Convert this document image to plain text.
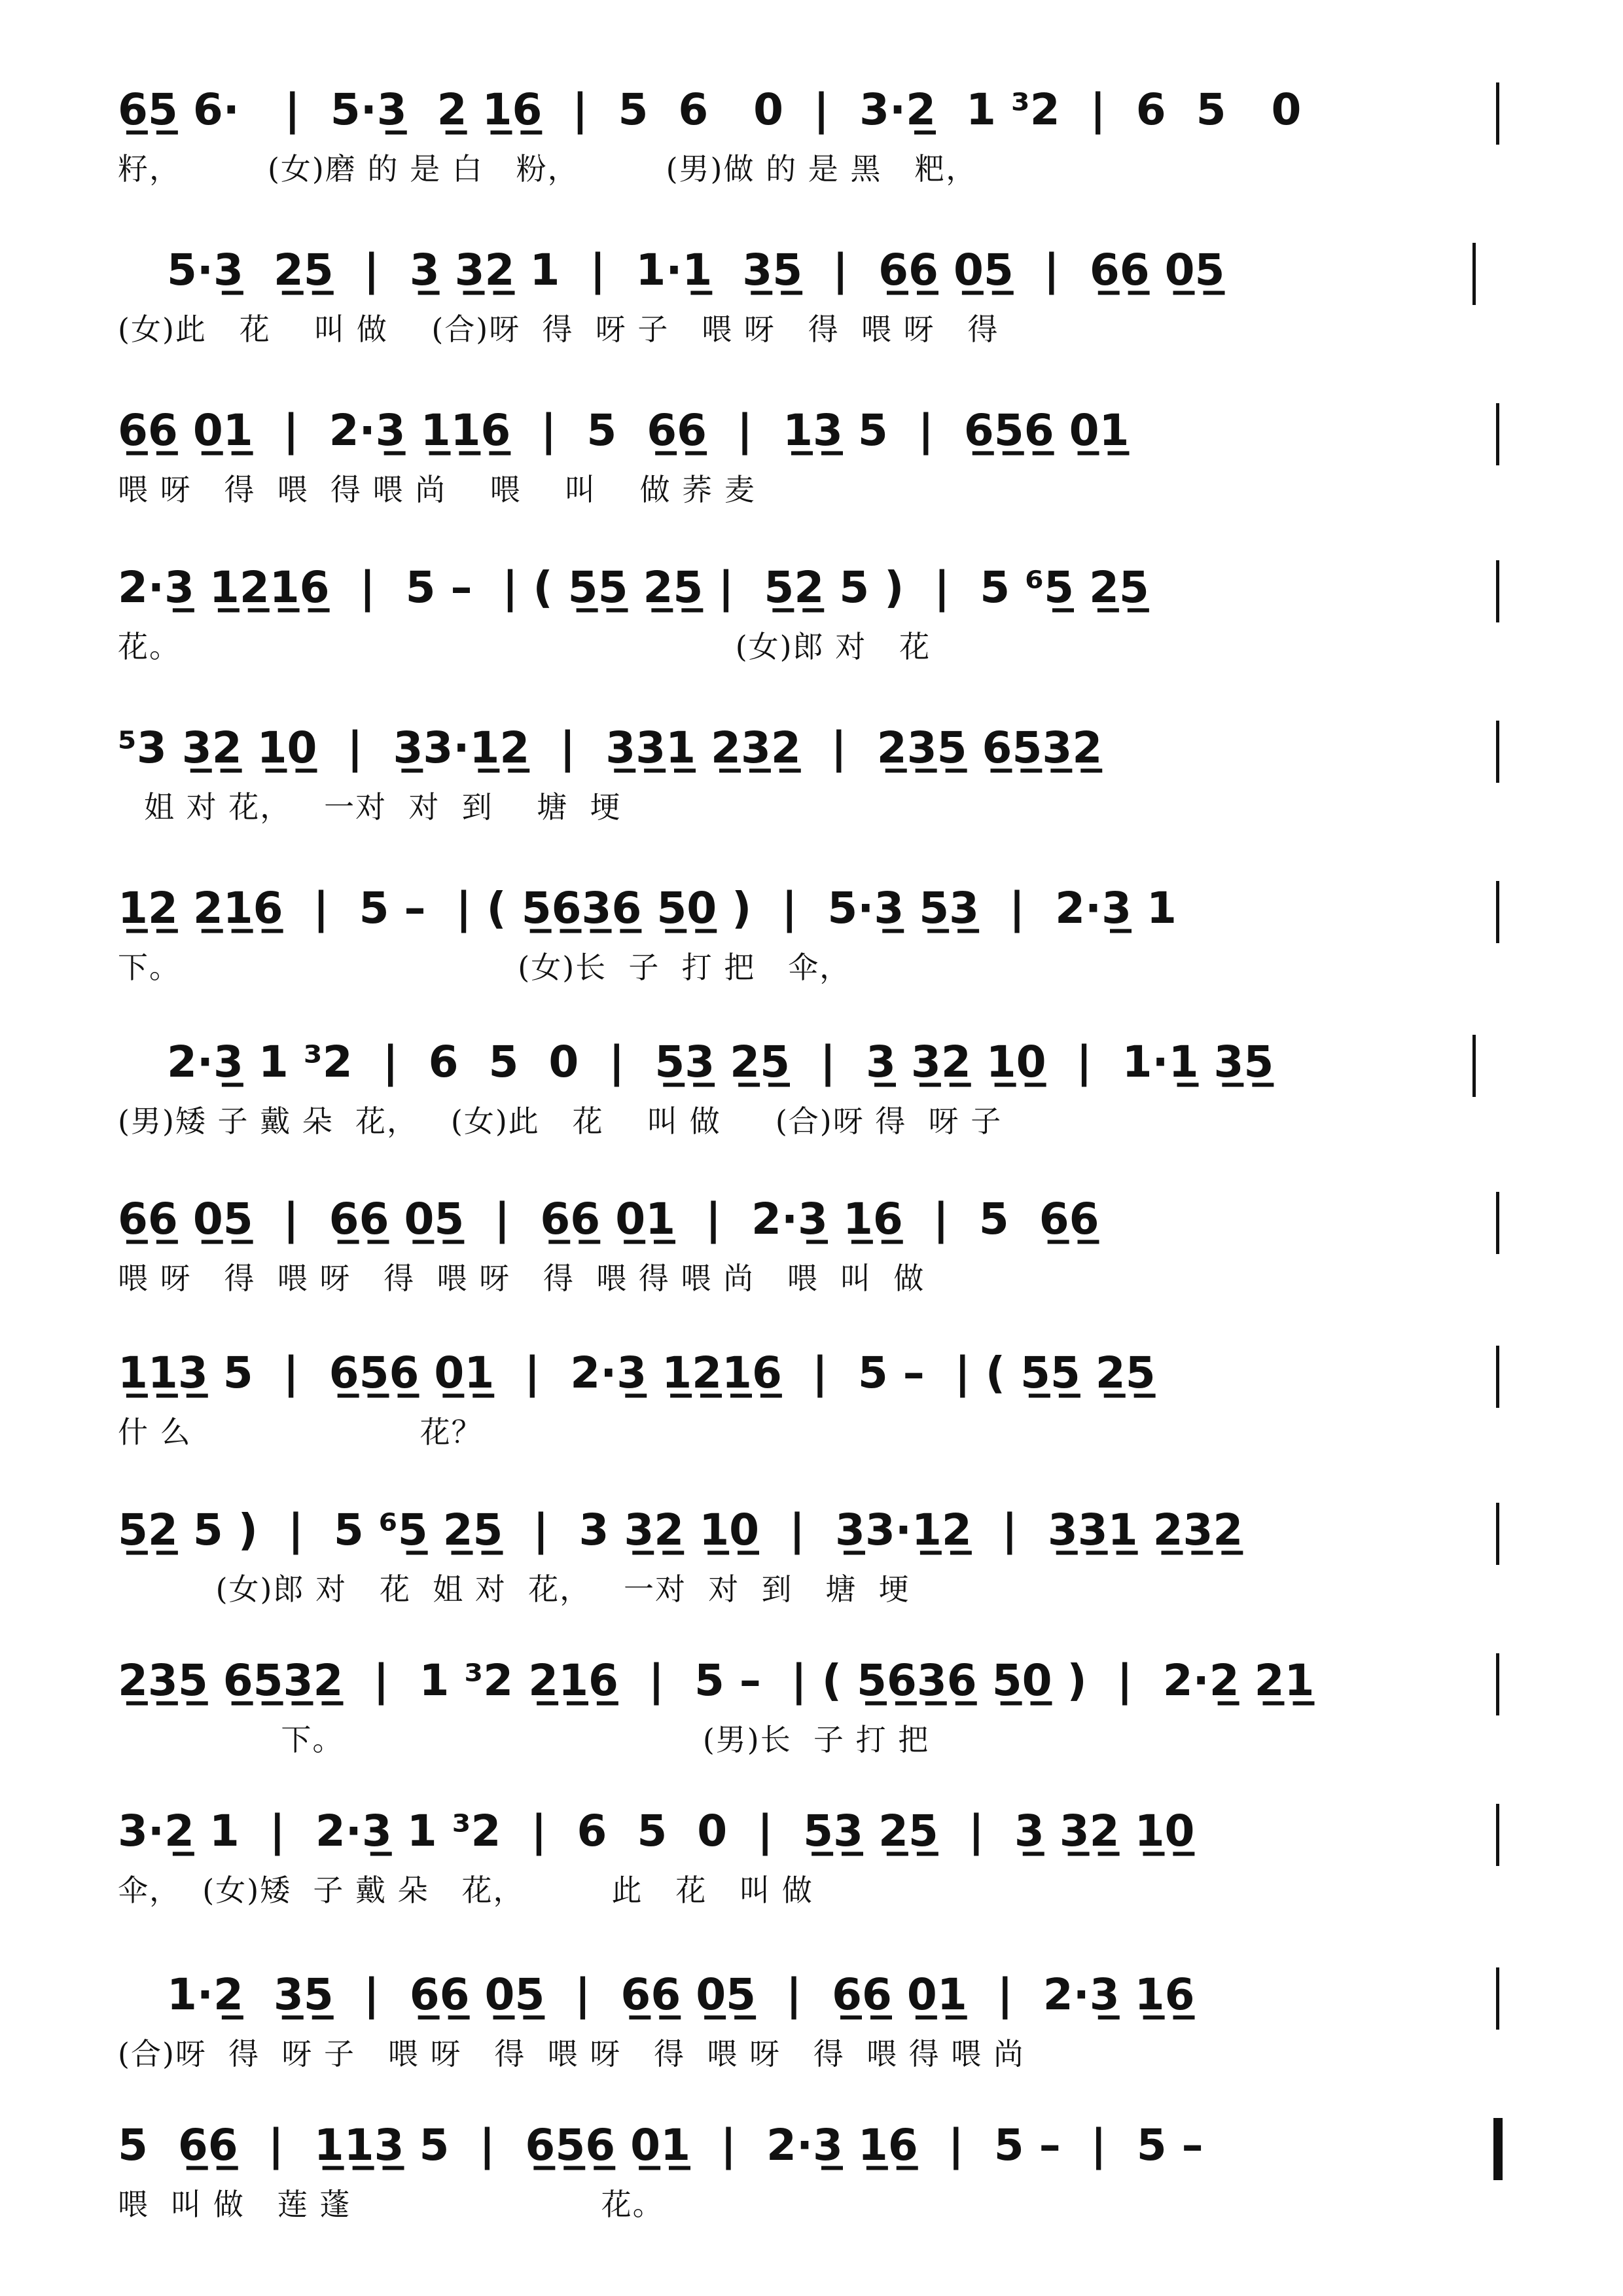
6̲5̲ 6·   |  5·3̲  2̲ 1̲6̲  |  5  6   0  |  3·2̲  1 ³2  |  6  5   0
籽，        (女)磨 的 是 白   粉，        (男)做 的 是 黑   粑，
5·3̲  2̲5̲  |  3̲ 3̲2̲ 1  |  1·1̲  3̲5̲  |  6̲6̲ 0̲5̲  |  6̲6̲ 0̲5̲
(女)此   花    叫 做    (合)呀  得  呀 子   喂 呀   得  喂 呀   得
6̲6̲ 0̲1̲  |  2·3̲ 1̲1̲6̲  |  5  6̲6̲  |  1̲3̲ 5  |  6̲5̲6̲ 0̲1̲
喂 呀   得  喂  得 喂 尚    喂    叫    做 荞 麦
2·3̲ 1̲2̲1̲6̲  |  5 –  | ( 5̲5̲ 2̲5̲ |  5̲2̲ 5 )  |  5 ⁶5̲ 2̲5̲
花。                                                   (女)郎 对   花
⁵3 3̲2̲ 1̲0̲  |  3̲3·1̲2̲  |  3̲3̲1̲ 2̲3̲2̲  |  2̲3̲5̲ 6̲5̲3̲2̲
姐 对 花，   一对  对  到    塘  埂
1̲2̲ 2̲1̲6̲  |  5 –  | ( 5̲6̲3̲6̲ 5̲0̲ )  |  5·3̲ 5̲3̲  |  2·3̲ 1
下。                               (女)长  子  打 把   伞，
2·3̲ 1 ³2  |  6  5  0  |  5̲3̲ 2̲5̲  |  3̲ 3̲2̲ 1̲0̲  |  1·1̲ 3̲5̲
(男)矮 子 戴 朵  花，   (女)此   花    叫 做     (合)呀 得  呀 子
6̲6̲ 0̲5̲  |  6̲6̲ 0̲5̲  |  6̲6̲ 0̲1̲  |  2·3̲ 1̲6̲  |  5  6̲6̲
喂 呀   得  喂 呀   得  喂 呀   得  喂 得 喂 尚   喂  叫  做
1̲1̲3̲ 5  |  6̲5̲6̲ 0̲1̲  |  2·3̲ 1̲2̲1̲6̲  |  5 –  | ( 5̲5̲ 2̲5̲
什 么                     花？
5̲2̲ 5 )  |  5 ⁶5̲ 2̲5̲  |  3 3̲2̲ 1̲0̲  |  3̲3·1̲2̲  |  3̲3̲1̲ 2̲3̲2̲
(女)郎 对   花  姐 对  花，   一对  对  到   塘  埂
2̲3̲5̲ 6̲5̲3̲2̲  |  1 ³2 2̲1̲6̲  |  5 –  | ( 5̲6̲3̲6̲ 5̲0̲ )  |  2·2̲ 2̲1̲
下。                                 (男)长  子 打 把
3·2̲ 1  |  2·3̲ 1 ³2  |  6  5  0  |  5̲3̲ 2̲5̲  |  3̲ 3̲2̲ 1̲0̲
伞，  (女)矮  子 戴 朵   花，        此   花   叫 做
1·2̲  3̲5̲  |  6̲6̲ 0̲5̲  |  6̲6̲ 0̲5̲  |  6̲6̲ 0̲1̲  |  2·3̲ 1̲6̲
(合)呀  得  呀 子   喂 呀   得  喂 呀   得  喂 呀   得  喂 得 喂 尚
5  6̲6̲  |  1̲1̲3̲ 5  |  6̲5̲6̲ 0̲1̲  |  2·3̲ 1̲6̲  |  5 –  |  5 –
喂  叫 做   莲 蓬                       花。
